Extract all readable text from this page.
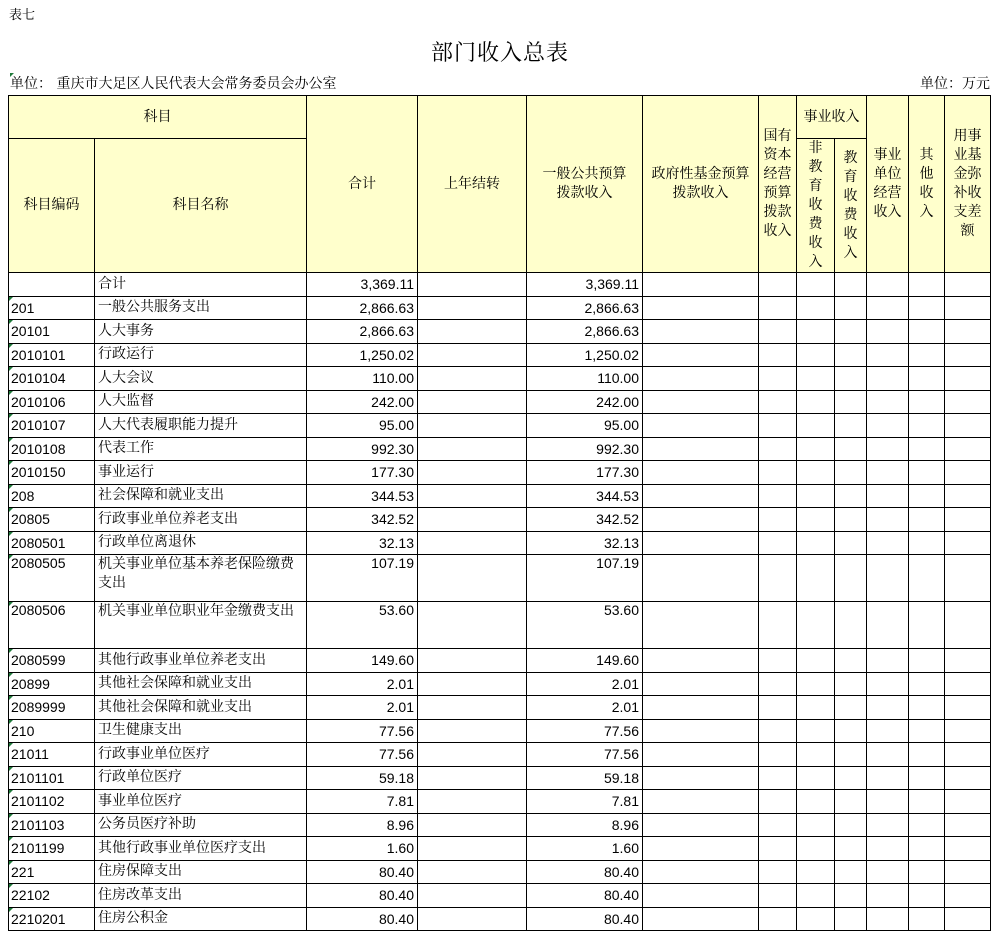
表七
部门收入总表
单位： 重庆市大足区人民代表大会常务委员会办公室	单位：万元
科目		合计	上年结转	一般公共预算拨款收入	政府性基金预算拨款收入	国有资本经营预算拨款收入	事业收入		事业单位经营收入	其他收入	用事业基金弥补收支差额
科目编码	科目名称						非教育收费收入	教育收费收入			

	合计	3,369.11		3,369.11							
201	一般公共服务支出	2,866.63		2,866.63							
20101	人大事务	2,866.63		2,866.63							
2010101	行政运行	1,250.02		1,250.02							
2010104	人大会议	110.00		110.00							
2010106	人大监督	242.00		242.00							
2010107	人大代表履职能力提升	95.00		95.00							
2010108	代表工作	992.30		992.30							
2010150	事业运行	177.30		177.30							
208	社会保障和就业支出	344.53		344.53							
20805	行政事业单位养老支出	342.52		342.52							
2080501	行政单位离退休	32.13		32.13							
2080505	机关事业单位基本养老保险缴费支出	107.19		107.19							
2080506	机关事业单位职业年金缴费支出	53.60		53.60							
2080599	其他行政事业单位养老支出	149.60		149.60							
20899	其他社会保障和就业支出	2.01		2.01							
2089999	其他社会保障和就业支出	2.01		2.01							
210	卫生健康支出	77.56		77.56							
21011	行政事业单位医疗	77.56		77.56							
2101101	行政单位医疗	59.18		59.18							
2101102	事业单位医疗	7.81		7.81							
2101103	公务员医疗补助	8.96		8.96							
2101199	其他行政事业单位医疗支出	1.60		1.60							
221	住房保障支出	80.40		80.40							
22102	住房改革支出	80.40		80.40							
2210201	住房公积金	80.40		80.40							
